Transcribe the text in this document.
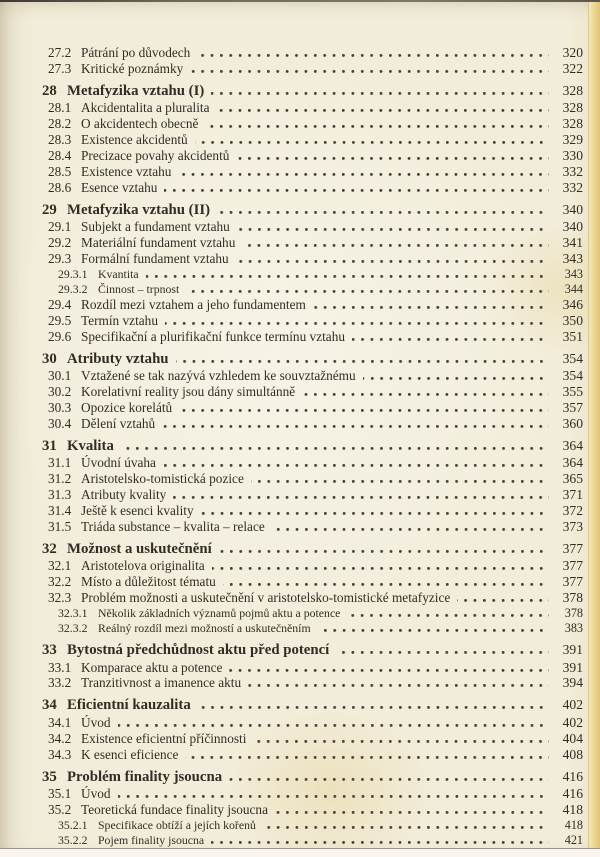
27.2 Pátrání po důvodech	320
27.3 Kritické poznámky	322
28 Metafyzika vztahu (I)	328
28.1 Akcidentalita a pluralita	328
28.2 O akcidentech obecně	328
28.3 Existence akcidentů	329
28.4 Precizace povahy akcidentů	330
28.5 Existence vztahu	332
28.6 Esence vztahu	332
29 Metafyzika vztahu (II)	340
29.1 Subjekt a fundament vztahu	340
29.2 Materiální fundament vztahu	341
29.3 Formální fundament vztahu	343
29.3.1 Kvantita	343
29.3.2 Činnost – trpnost	344
29.4 Rozdíl mezi vztahem a jeho fundamentem	346
29.5 Termín vztahu	350
29.6 Specifikační a plurifikační funkce termínu vztahu	351
30 Atributy vztahu	354
30.1 Vztažené se tak nazývá vzhledem ke souvztažnému	354
30.2 Korelativní reality jsou dány simultánně	355
30.3 Opozice korelátů	357
30.4 Dělení vztahů	360
31 Kvalita	364
31.1 Úvodní úvaha	364
31.2 Aristotelsko-tomistická pozice	365
31.3 Atributy kvality	371
31.4 Ještě k esenci kvality	372
31.5 Triáda substance – kvalita – relace	373
32 Možnost a uskutečnění	377
32.1 Aristotelova originalita	377
32.2 Místo a důležitost tématu	377
32.3 Problém možnosti a uskutečnění v aristotelsko-tomistické metafyzice	378
32.3.1 Několik základních významů pojmů aktu a potence	378
32.3.2 Reálný rozdíl mezi možností a uskutečněním	383
33 Bytostná předchůdnost aktu před potencí	391
33.1 Komparace aktu a potence	391
33.2 Tranzitivnost a imanence aktu	394
34 Eficientní kauzalita	402
34.1 Úvod	402
34.2 Existence eficientní příčinnosti	404
34.3 K esenci eficience	408
35 Problém finality jsoucna	416
35.1 Úvod	416
35.2 Teoretická fundace finality jsoucna	418
35.2.1 Specifikace obtíží a jejích kořenů	418
35.2.2 Pojem finality jsoucna	421
